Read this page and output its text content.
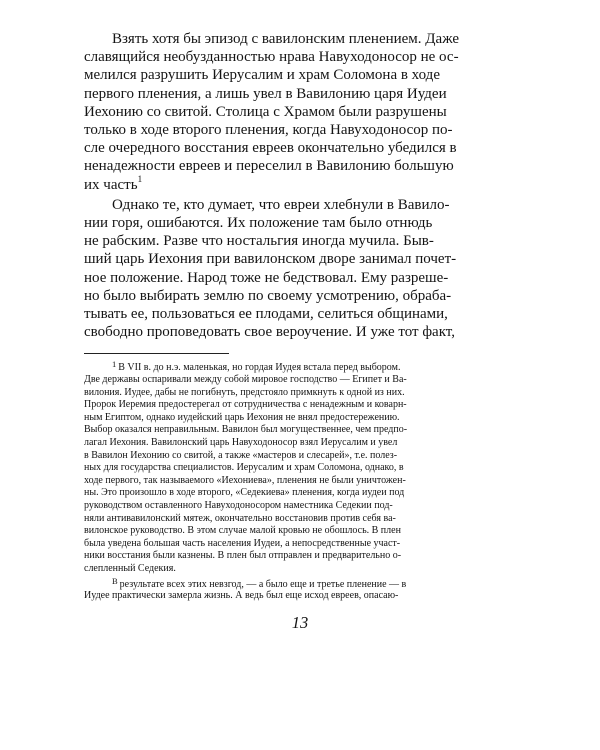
Взять хотя бы эпизод с вавилонским пленением. Даже

славящийся необузданностью нрава Навуходоносор не ос-

мелился разрушить Иерусалим и храм Соломона в ходе

первого пленения, а лишь увел в Вавилонию царя Иудеи

Иехонию со свитой. Столица с Храмом были разрушены

только в ходе второго пленения, когда Навуходоносор по-

сле очередного восстания евреев окончательно убедился в

ненадежности евреев и переселил в Вавилонию большую

их часть$^1$

Однако те, кто думает, что евреи хлебнули в Вавило-

нии горя, ошибаются. Их положение там было отнюдь

не рабским. Разве что ностальгия иногда мучила. Быв-

ший царь Иехония при вавилонском дворе занимал почет-

ное положение. Народ тоже не бедствовал. Ему разреше-

но было выбирать землю по своему усмотрению, обрабa-

тывать ее, пользоваться ее плодами, селиться общинами,

свободно проповедовать свое вероучение. И уже тот факт,

$^1$ В VII в. до н.э. маленькая, но гордая Иудея встала перед выбором.

Две державы оспаривали между собой мировое господство — Египет и Ва-

вилония. Иудее, дабы не погибнуть, предстояло примкнуть к одной из них.

Пророк Иеремия предостерегал от сотрудничества с ненадежным и коварн-

ным Египтом, однако иудейский царь Иехония не внял предостережению.

Выбор оказался неправильным. Вавилон был могущественнее, чем предпо-

лагал Иехония. Вавилонский царь Навуходоносор взял Иерусалим и увел

в Вавилон Иехонию со свитой, а также «мастеров и слесарей», т.е. полез-

ных для государства специалистов. Иерусалим и храм Соломона, однако, в

ходе первого, так называемого «Иехониева», пленения не были уничтожен-

ны. Это произошло в ходе второго, «Седекиева» пленения, когда иудеи под

руководством оставленного Навуходоносором наместника Седекии под-

няли антивавилонский мятеж, окончательно восстановив против себя ва-

вилонское руководство. В этом случае малой кровью не обошлось. В плен

была уведена большая часть населения Иудеи, а непосредственные участ-

ники восстания были казнены. В плен был отправлен и предварительно о-

слепленный Седекия.

$^В$ результате всех этих невзгод, — а было еще и третье пленение — в

Иудее практически замерла жизнь. А ведь был еще исход евреев, опасаю-

13
